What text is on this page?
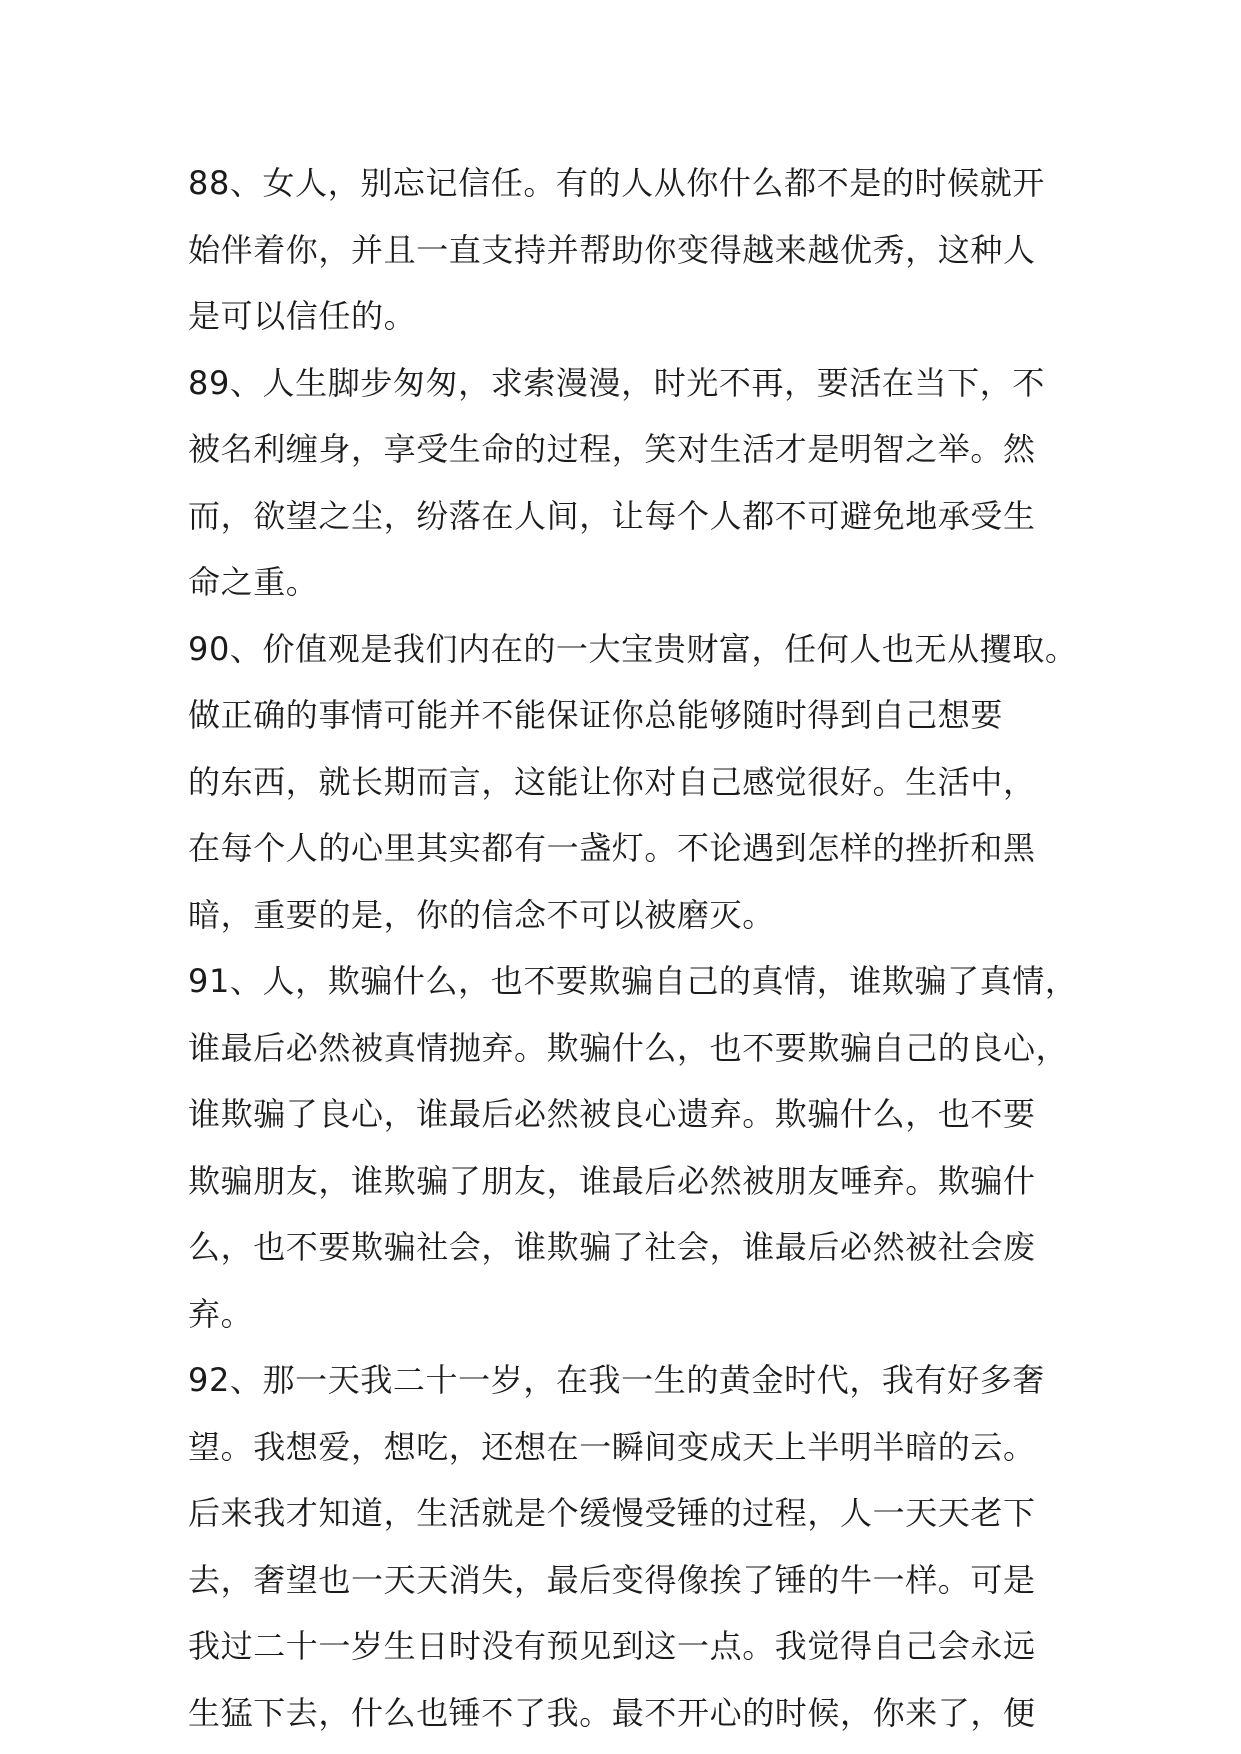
88、女人，别忘记信任。有的人从你什么都不是的时候就开
始伴着你，并且一直支持并帮助你变得越来越优秀，这种人
是可以信任的。
89、人生脚步匆匆，求索漫漫，时光不再，要活在当下，不
被名利缠身，享受生命的过程，笑对生活才是明智之举。然
而，欲望之尘，纷落在人间，让每个人都不可避免地承受生
命之重。
90、价值观是我们内在的一大宝贵财富，任何人也无从攫取。
做正确的事情可能并不能保证你总能够随时得到自己想要
的东西，就长期而言，这能让你对自己感觉很好。生活中，
在每个人的心里其实都有一盏灯。不论遇到怎样的挫折和黑
暗，重要的是，你的信念不可以被磨灭。
91、人，欺骗什么，也不要欺骗自己的真情，谁欺骗了真情，
谁最后必然被真情抛弃。欺骗什么，也不要欺骗自己的良心，
谁欺骗了良心，谁最后必然被良心遗弃。欺骗什么，也不要
欺骗朋友，谁欺骗了朋友，谁最后必然被朋友唾弃。欺骗什
么，也不要欺骗社会，谁欺骗了社会，谁最后必然被社会废
弃。
92、那一天我二十一岁，在我一生的黄金时代，我有好多奢
望。我想爱，想吃，还想在一瞬间变成天上半明半暗的云。
后来我才知道，生活就是个缓慢受锤的过程，人一天天老下
去，奢望也一天天消失，最后变得像挨了锤的牛一样。可是
我过二十一岁生日时没有预见到这一点。我觉得自己会永远
生猛下去，什么也锤不了我。最不开心的时候，你来了，便
